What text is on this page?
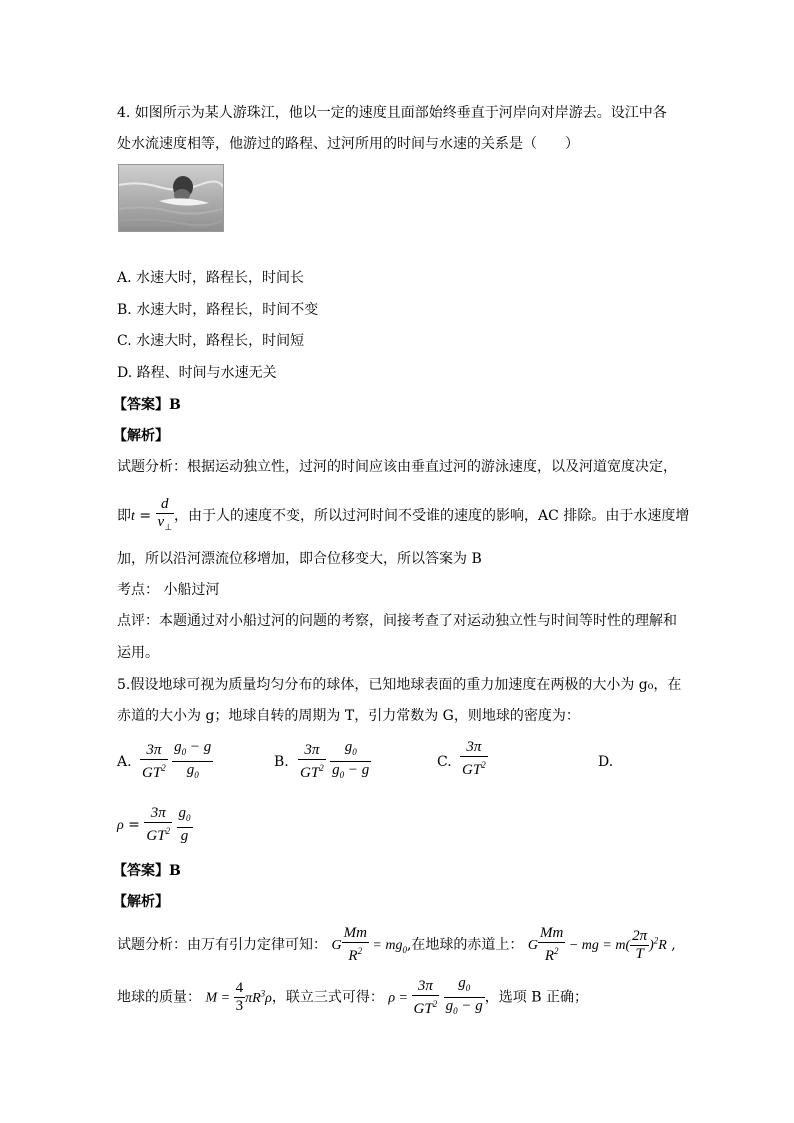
4. 如图所示为某人游珠江，他以一定的速度且面部始终垂直于河岸向对岸游去。设江中各
处水流速度相等，他游过的路程、过河所用的时间与水速的关系是（　　）
A. 水速大时，路程长，时间长
B. 水速大时，路程长，时间不变
C. 水速大时，路程长，时间短
D. 路程、时间与水速无关
【答案】B
【解析】
试题分析：根据运动独立性，过河的时间应该由垂直过河的游泳速度，以及河道宽度决定，
即$t = \frac{d}{v_\perp}$ ，由于人的速度不变，所以过河时间不受谁的速度的影响，AC 排除。由于水速度增
加，所以沿河漂流位移增加，即合位移变大，所以答案为 B
考点： 小船过河
点评：本题通过对小船过河的问题的考察，间接考查了对运动独立性与时间等时性的理解和
运用。
5.假设地球可视为质量均匀分布的球体，已知地球表面的重力加速度在两极的大小为 g₀，在
赤道的大小为 g；地球自转的周期为 T，引力常数为 G，则地球的密度为：
A. $\frac{3\pi}{GT^2}$
$\frac{g_0 - g}{g_0}$	B. $\frac{3\pi}{GT^2}$
$\frac{g_0}{g_0 - g}$	C. $\frac{3\pi}{GT^2}$	D.
$\rho = \frac{3\pi}{GT^2}$
$\frac{g_0}{g}$
【答案】B
【解析】
试题分析：由万有引力定律可知： G $\frac{Mm}{R^2} = mg_0$,在地球的赤道上： G $\frac{Mm}{R^2}$ − mg = $m( \frac{2\pi}{T} )^2R$ ,
地球的质量： $M = \frac{4}{3} \pi R^3\rho$，联立三式可得： $\rho = \frac{3\pi}{GT^2}$
$\frac{g_0}{g_0 - g}$ ，选项 B 正确；
